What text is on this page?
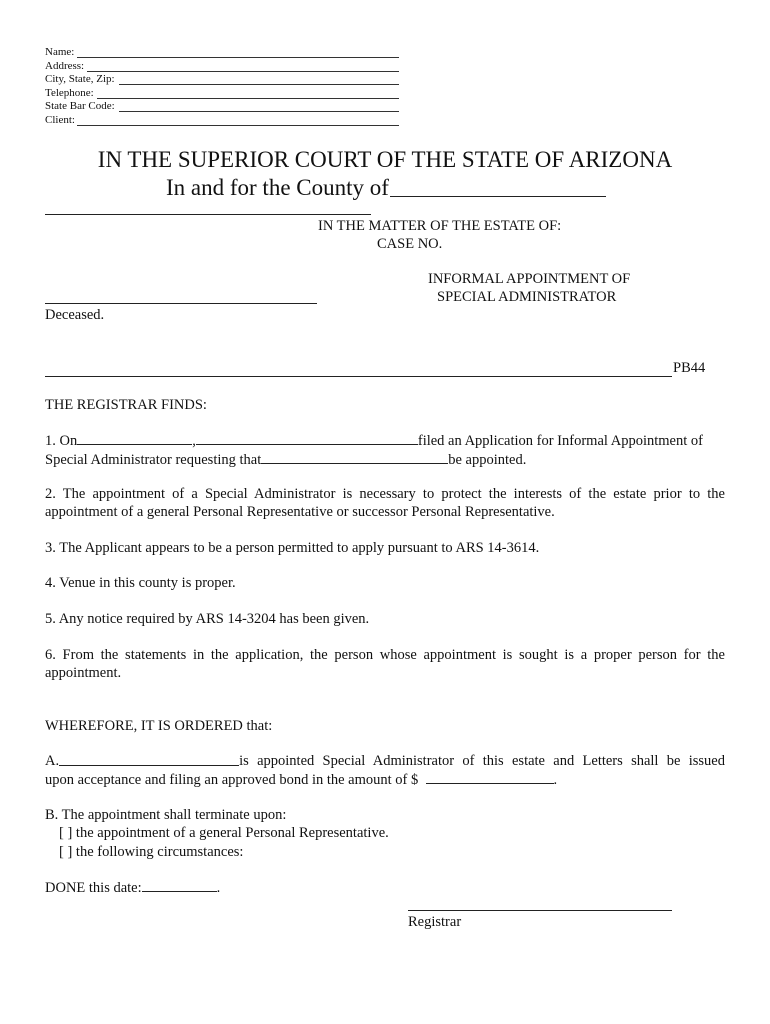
Name:
Address:
City, State, Zip:
Telephone:
State Bar Code:
Client:
IN THE SUPERIOR COURT OF THE STATE OF ARIZONA
In and for the County of
IN THE MATTER OF THE ESTATE OF:
CASE NO.
INFORMAL APPOINTMENT OF
SPECIAL ADMINISTRATOR
Deceased.
PB44
THE REGISTRAR FINDS:
1. On	,	filed an Application for Informal Appointment of
Special Administrator requesting that	be appointed.
2. The appointment of a Special Administrator is necessary to protect the interests of the estate prior to the
appointment of a general Personal Representative or successor Personal Representative.
3. The Applicant appears to be a person permitted to apply pursuant to ARS 14-3614.
4. Venue in this county is proper.
5. Any notice required by ARS 14-3204 has been given.
6. From the statements in the application, the person whose appointment is sought is a proper person for the
appointment.
WHEREFORE, IT IS ORDERED that:
A.	is appointed Special Administrator of this estate and Letters shall be issued
upon acceptance and filing an approved bond in the amount of $	.
B. The appointment shall terminate upon:
[ ] the appointment of a general Personal Representative.
[ ] the following circumstances:
DONE this date:	.
Registrar
